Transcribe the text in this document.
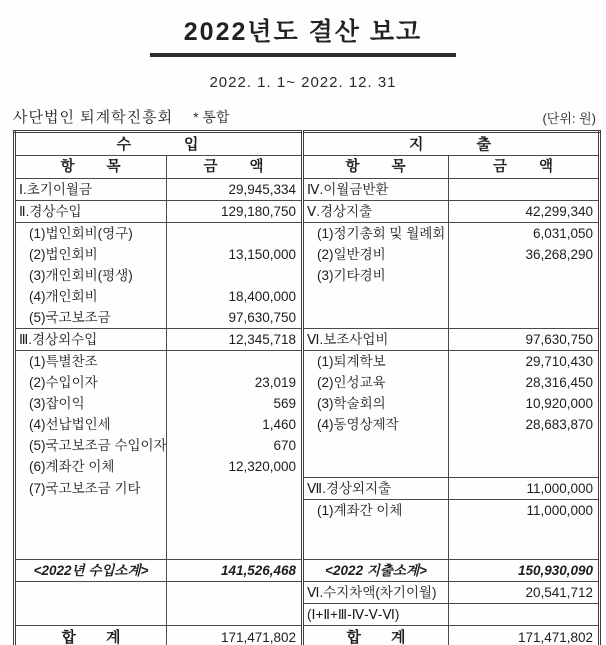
2022년도 결산 보고
2022. 1. 1~ 2022. 12. 31
사단법인 퇴계학진흥회 * 통합	(단위: 원)
수　　　입		지　　　출	
항　　목	금　　액	항　　목	금　　액
Ⅰ.초기이월금	29,945,334	Ⅳ.이월금반환	
Ⅱ.경상수입	129,180,750	Ⅴ.경상지출	42,299,340
(1)법인회비(영구)		(1)정기총회 및 월례회	6,031,050
(2)법인회비	13,150,000	(2)일반경비	36,268,290
(3)개인회비(평생)		(3)기타경비	
(4)개인회비	18,400,000		
(5)국고보조금	97,630,750		
Ⅲ.경상외수입	12,345,718	Ⅵ.보조사업비	97,630,750
(1)특별찬조		(1)퇴계학보	29,710,430
(2)수입이자	23,019	(2)인성교육	28,316,450
(3)잡이익	569	(3)학술회의	10,920,000
(4)선납법인세	1,460	(4)동영상제작	28,683,870
(5)국고보조금 수입이자	670		
(6)계좌간 이체	12,320,000		
(7)국고보조금 기타		Ⅶ.경상외지출	11,000,000
		(1)계좌간 이체	11,000,000

<2022년 수입소계>	141,526,468	<2022 지출소계>	150,930,090
		Ⅵ.수지차액(차기이월)	20,541,712
		(Ⅰ+Ⅱ+Ⅲ-Ⅳ-Ⅴ-Ⅵ)	
합　　계	171,471,802	합　　계	171,471,802
